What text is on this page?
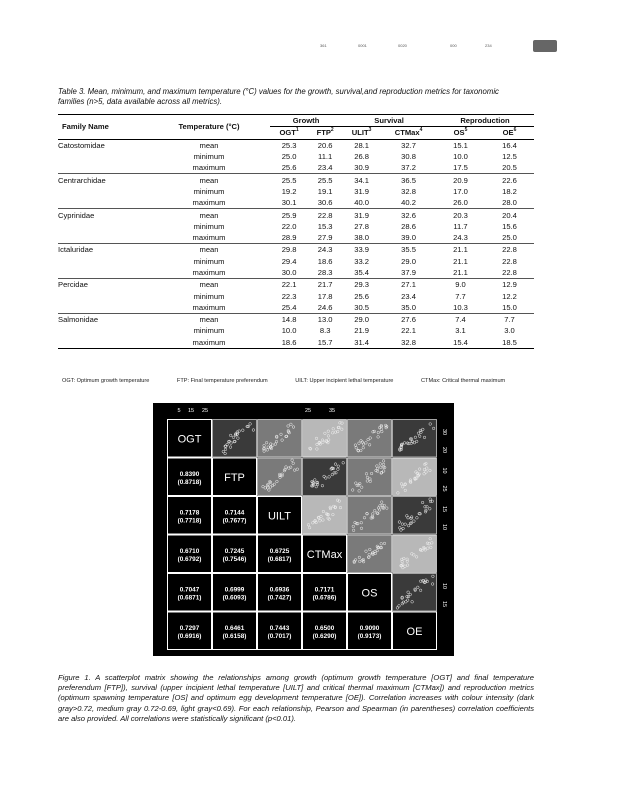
361	0001	0020	000	234
Table 3. Mean, minimum, and maximum temperature (°C) values for the growth, survival,and reproduction metrics for taxonomic families (n>5, data available across all metrics).
Family Name	Temperature (°C)	Growth		Survival		Reproduction	
		OGT$^1$	FTP$^2$	ULIT$^3$	CTMax$^4$	$OS^5$	$OE^6$
Catostomidae	mean	25.3	20.6	28.1	32.7	15.1	16.4
	minimum	25.0	11.1	26.8	30.8	10.0	12.5
	maximum	25.6	23.4	30.9	37.2	17.5	20.5
Centrarchidae	mean	25.5	25.5	34.1	36.5	20.9	22.6
	minimum	19.2	19.1	31.9	32.8	17.0	18.2
	maximum	30.1	30.6	40.0	40.2	26.0	28.0
Cyprinidae	mean	25.9	22.8	31.9	32.6	20.3	20.4
	minimum	22.0	15.3	27.8	28.6	11.7	15.6
	maximum	28.9	27.9	38.0	39.0	24.3	25.0
Ictaluridae	mean	29.8	24.3	33.9	35.5	21.1	22.8
	minimum	29.4	18.6	33.2	29.0	21.1	22.8
	maximum	30.0	28.3	35.4	37.9	21.1	22.8
Percidae	mean	22.1	21.7	29.3	27.1	9.0	12.9
	minimum	22.3	17.8	25.6	23.4	7.7	12.2
	maximum	25.4	24.6	30.5	35.0	10.3	15.0
Salmonidae	mean	14.8	13.0	29.0	27.6	7.4	7.7
	minimum	10.0	8.3	21.9	22.1	3.1	3.0
	maximum	18.6	15.7	31.4	32.8	15.4	18.5
OGT: Optimum growth temperature	FTP: Final temperature preferendum	UILT: Upper incipient lethal temperature	CTMax: Critical thermal maximum
OGT
0.8390
(0.8718) FTP
0.7178
(0.7718)
0.7144
(0.7677) UILT
0.6710
(0.6792)
0.7245
(0.7546)
0.6725
(0.6817) CTMax
0.7047
(0.6871)
0.6999
(0.6093)
0.6936
(0.7427)
0.7171
(0.6786) OS
0.7297
(0.6916)
0.6461
(0.6158)
0.7443
(0.7017)
0.6500
(0.6290)
0.9090
(0.9173) OE
5 15 25	25	35
30
20
10
25
15
10
10
15
Figure 1. A scatterplot matrix showing the relationships among growth (optimum growth temperature [OGT] and final temperature preferendum [FTP]), survival (upper incipient lethal temperature [UILT] and critical thermal maximum [CTMax]) and reproduction metrics (optimum spawning temperature [OS] and optimum egg development temperature [OE]). Correlation increases with colour intensity (dark gray>0.72, medium gray 0.72-0.69, light gray<0.69). For each relationship, Pearson and Spearman (in parentheses) correlation coefficients are also provided. All correlations were statistically significant (p<0.01).
